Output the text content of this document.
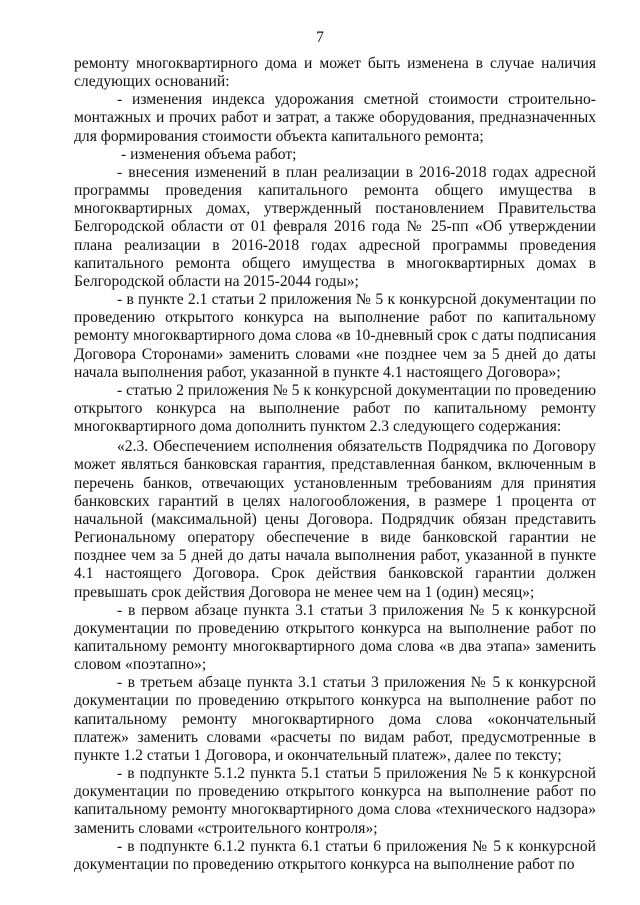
7

ремонту многоквартирного дома и может быть изменена в случае наличия следующих оснований:

- изменения индекса удорожания сметной стоимости строительно-монтажных и прочих работ и затрат, а также оборудования, предназначенных для формирования стоимости объекта капитального ремонта;

- изменения объема работ;

- внесения изменений в план реализации в 2016-2018 годах адресной программы проведения капитального ремонта общего имущества в многоквартирных домах, утвержденный постановлением Правительства Белгородской области от 01 февраля 2016 года № 25-пп «Об утверждении плана реализации в 2016-2018 годах адресной программы проведения капитального ремонта общего имущества в многоквартирных домах в Белгородской области на 2015-2044 годы»;

- в пункте 2.1 статьи 2 приложения № 5 к конкурсной документации по проведению открытого конкурса на выполнение работ по капитальному ремонту многоквартирного дома слова «в 10-дневный срок с даты подписания Договора Сторонами» заменить словами «не позднее чем за 5 дней до даты начала выполнения работ, указанной в пункте 4.1 настоящего Договора»;

- статью 2 приложения № 5 к конкурсной документации по проведению открытого конкурса на выполнение работ по капитальному ремонту многоквартирного дома дополнить пунктом 2.3 следующего содержания:

«2.3. Обеспечением исполнения обязательств Подрядчика по Договору может являться банковская гарантия, представленная банком, включенным в перечень банков, отвечающих установленным требованиям для принятия банковских гарантий в целях налогообложения, в размере 1 процента от начальной (максимальной) цены Договора. Подрядчик обязан представить Региональному оператору обеспечение в виде банковской гарантии не позднее чем за 5 дней до даты начала выполнения работ, указанной в пункте 4.1 настоящего Договора. Срок действия банковской гарантии должен превышать срок действия Договора не менее чем на 1 (один) месяц»;

- в первом абзаце пункта 3.1 статьи 3 приложения № 5 к конкурсной документации по проведению открытого конкурса на выполнение работ по капитальному ремонту многоквартирного дома слова «в два этапа» заменить словом «поэтапно»;

- в третьем абзаце пункта 3.1 статьи 3 приложения № 5 к конкурсной документации по проведению открытого конкурса на выполнение работ по капитальному ремонту многоквартирного дома слова «окончательный платеж» заменить словами «расчеты по видам работ, предусмотренные в пункте 1.2 статьи 1 Договора, и окончательный платеж», далее по тексту;

- в подпункте 5.1.2 пункта 5.1 статьи 5 приложения № 5 к конкурсной документации по проведению открытого конкурса на выполнение работ по капитальному ремонту многоквартирного дома слова «технического надзора» заменить словами «строительного контроля»;

- в подпункте 6.1.2 пункта 6.1 статьи 6 приложения № 5 к конкурсной документации по проведению открытого конкурса на выполнение работ по
